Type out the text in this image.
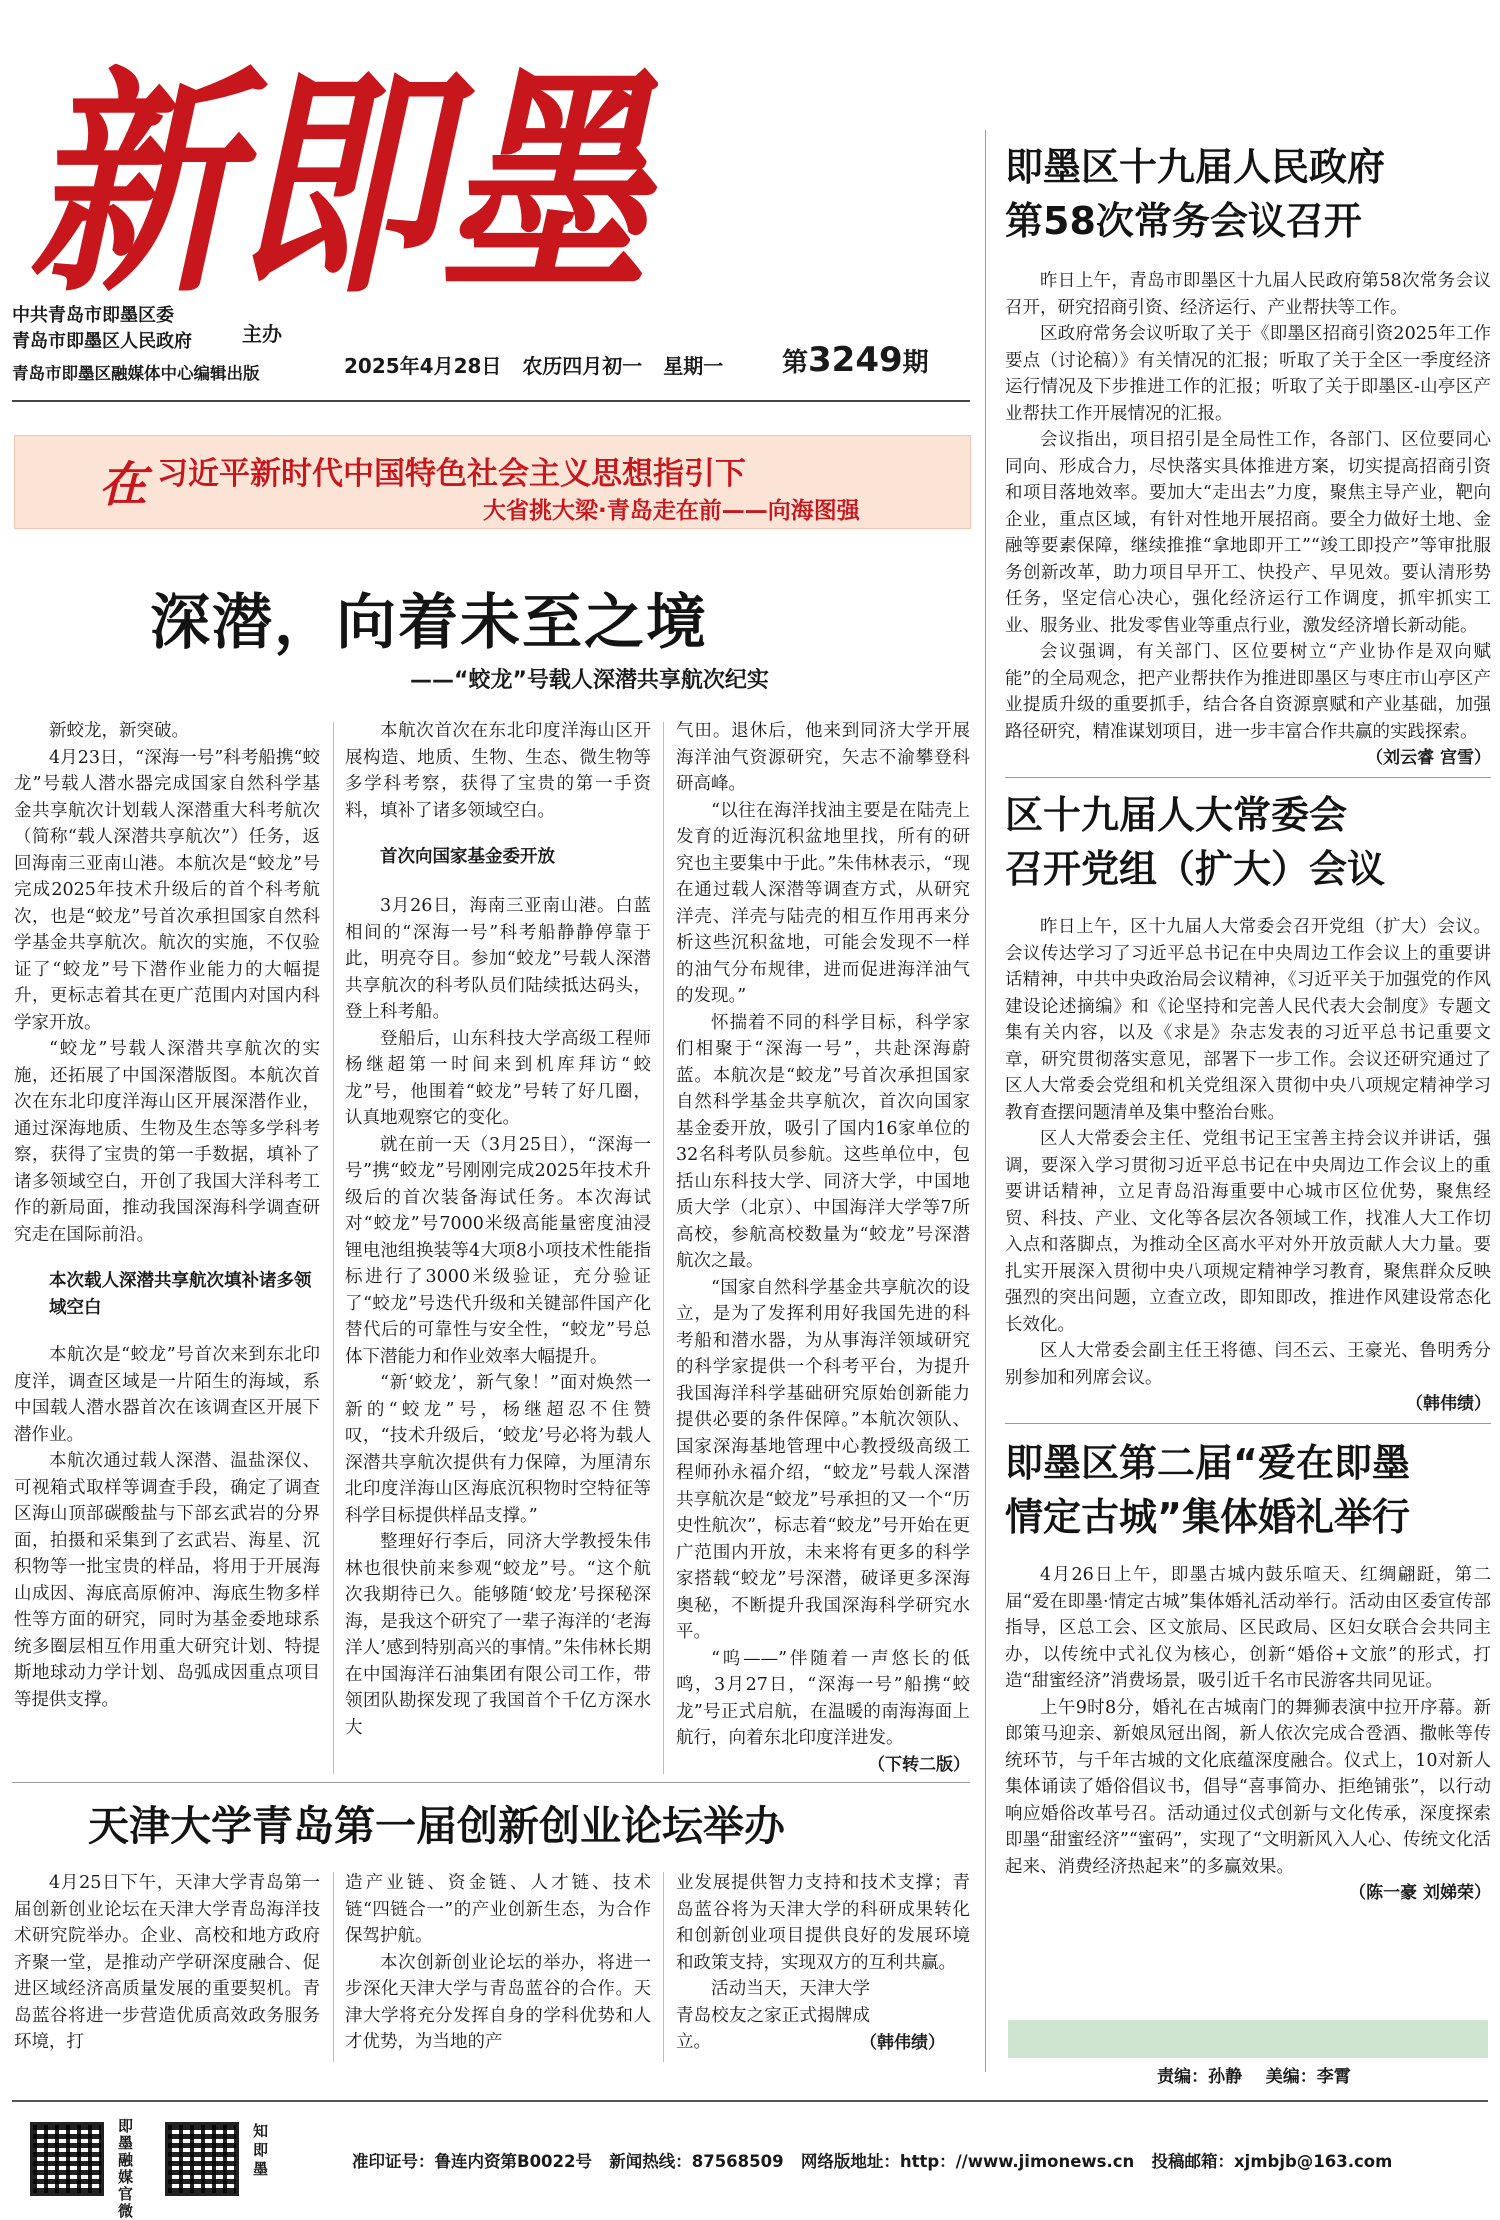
新即墨
中共青岛市即墨区委
青岛市即墨区人民政府	主办
青岛市即墨区融媒体中心编辑出版	2025年4月28日 农历四月初一 星期一 第3249期
在 习近平新时代中国特色社会主义思想指引下
大省挑大梁·青岛走在前——向海图强
深潜，向着未至之境
——“蛟龙”号载人深潜共享航次纪实

新蛟龙，新突破。

4月23日，“深海一号”科考船携“蛟龙”号载人潜水器完成国家自然科学基金共享航次计划载人深潜重大科考航次（简称“载人深潜共享航次”）任务，返回海南三亚南山港。本航次是“蛟龙”号完成2025年技术升级后的首个科考航次，也是“蛟龙”号首次承担国家自然科学基金共享航次。航次的实施，不仅验证了“蛟龙”号下潜作业能力的大幅提升，更标志着其在更广范围内对国内科学家开放。

“蛟龙”号载人深潜共享航次的实施，还拓展了中国深潜版图。本航次首次在东北印度洋海山区开展深潜作业，通过深海地质、生物及生态等多学科考察，获得了宝贵的第一手数据，填补了诸多领域空白，开创了我国大洋科考工作的新局面，推动我国深海科学调查研究走在国际前沿。

本次载人深潜共享航次填补诸多领域空白

本航次是“蛟龙”号首次来到东北印度洋，调查区域是一片陌生的海域，系中国载人潜水器首次在该调查区开展下潜作业。

本航次通过载人深潜、温盐深仪、可视箱式取样等调查手段，确定了调查区海山顶部碳酸盐与下部玄武岩的分界面，拍摄和采集到了玄武岩、海星、沉积物等一批宝贵的样品，将用于开展海山成因、海底高原俯冲、海底生物多样性等方面的研究，同时为基金委地球系统多圈层相互作用重大研究计划、特提斯地球动力学计划、岛弧成因重点项目等提供支撑。

本航次首次在东北印度洋海山区开展构造、地质、生物、生态、微生物等多学科考察，获得了宝贵的第一手资料，填补了诸多领域空白。

首次向国家基金委开放

3月26日，海南三亚南山港。白蓝相间的“深海一号”科考船静静停靠于此，明亮夺目。参加“蛟龙”号载人深潜共享航次的科考队员们陆续抵达码头，登上科考船。

登船后，山东科技大学高级工程师杨继超第一时间来到机库拜访“蛟龙”号，他围着“蛟龙”号转了好几圈，认真地观察它的变化。

就在前一天（3月25日），“深海一号”携“蛟龙”号刚刚完成2025年技术升级后的首次装备海试任务。本次海试对“蛟龙”号7000米级高能量密度油浸锂电池组换装等4大项8小项技术性能指标进行了3000米级验证，充分验证了“蛟龙”号迭代升级和关键部件国产化替代后的可靠性与安全性，“蛟龙”号总体下潜能力和作业效率大幅提升。

“新‘蛟龙’，新气象！”面对焕然一新的“蛟龙”号，杨继超忍不住赞叹，“技术升级后，‘蛟龙’号必将为载人深潜共享航次提供有力保障，为厘清东北印度洋海山区海底沉积物时空特征等科学目标提供样品支撑。”

整理好行李后，同济大学教授朱伟林也很快前来参观“蛟龙”号。“这个航次我期待已久。能够随‘蛟龙’号探秘深海，是我这个研究了一辈子海洋的‘老海洋人’感到特别高兴的事情。”朱伟林长期在中国海洋石油集团有限公司工作，带领团队勘探发现了我国首个千亿方深水大

气田。退休后，他来到同济大学开展海洋油气资源研究，矢志不渝攀登科研高峰。

“以往在海洋找油主要是在陆壳上发育的近海沉积盆地里找，所有的研究也主要集中于此。”朱伟林表示，“现在通过载人深潜等调查方式，从研究洋壳、洋壳与陆壳的相互作用再来分析这些沉积盆地，可能会发现不一样的油气分布规律，进而促进海洋油气的发现。”

怀揣着不同的科学目标，科学家们相聚于“深海一号”，共赴深海蔚蓝。本航次是“蛟龙”号首次承担国家自然科学基金共享航次，首次向国家基金委开放，吸引了国内16家单位的32名科考队员参航。这些单位中，包括山东科技大学、同济大学，中国地质大学（北京）、中国海洋大学等7所高校，参航高校数量为“蛟龙”号深潜航次之最。

“国家自然科学基金共享航次的设立，是为了发挥利用好我国先进的科考船和潜水器，为从事海洋领域研究的科学家提供一个科考平台，为提升我国海洋科学基础研究原始创新能力提供必要的条件保障。”本航次领队、国家深海基地管理中心教授级高级工程师孙永福介绍，“蛟龙”号载人深潜共享航次是“蛟龙”号承担的又一个“历史性航次”，标志着“蛟龙”号开始在更广范围内开放，未来将有更多的科学家搭载“蛟龙”号深潜，破译更多深海奥秘，不断提升我国深海科学研究水平。

“呜——”伴随着一声悠长的低鸣，3月27日，“深海一号”船携“蛟龙”号正式启航，在温暖的南海海面上航行，向着东北印度洋进发。

（下转二版）

天津大学青岛第一届创新创业论坛举办

4月25日下午，天津大学青岛第一届创新创业论坛在天津大学青岛海洋技术研究院举办。企业、高校和地方政府齐聚一堂，是推动产学研深度融合、促进区域经济高质量发展的重要契机。青岛蓝谷将进一步营造优质高效政务服务环境，打

造产业链、资金链、人才链、技术链“四链合一”的产业创新生态，为合作保驾护航。

本次创新创业论坛的举办，将进一步深化天津大学与青岛蓝谷的合作。天津大学将充分发挥自身的学科优势和人才优势，为当地的产

业发展提供智力支持和技术支撑；青岛蓝谷将为天津大学的科研成果转化和创新创业项目提供良好的发展环境和政策支持，实现双方的互利共赢。

活动当天，天津大学青岛校友之家正式揭牌成立。	（韩伟绩）
即墨区十九届人民政府
第58次常务会议召开

昨日上午，青岛市即墨区十九届人民政府第58次常务会议召开，研究招商引资、经济运行、产业帮扶等工作。

区政府常务会议听取了关于《即墨区招商引资2025年工作要点（讨论稿）》有关情况的汇报；听取了关于全区一季度经济运行情况及下步推进工作的汇报；听取了关于即墨区-山亭区产业帮扶工作开展情况的汇报。

会议指出，项目招引是全局性工作，各部门、区位要同心同向、形成合力，尽快落实具体推进方案，切实提高招商引资和项目落地效率。要加大“走出去”力度，聚焦主导产业，靶向企业，重点区域，有针对性地开展招商。要全力做好土地、金融等要素保障，继续推推“拿地即开工”“竣工即投产”等审批服务创新改革，助力项目早开工、快投产、早见效。要认清形势任务，坚定信心决心，强化经济运行工作调度，抓牢抓实工业、服务业、批发零售业等重点行业，激发经济增长新动能。

会议强调，有关部门、区位要树立“产业协作是双向赋能”的全局观念，把产业帮扶作为推进即墨区与枣庄市山亭区产业提质升级的重要抓手，结合各自资源禀赋和产业基础，加强路径研究，精准谋划项目，进一步丰富合作共赢的实践探索。

（刘云睿 宫雪）

区十九届人大常委会
召开党组（扩大）会议

昨日上午，区十九届人大常委会召开党组（扩大）会议。会议传达学习了习近平总书记在中央周边工作会议上的重要讲话精神，中共中央政治局会议精神，《习近平关于加强党的作风建设论述摘编》和《论坚持和完善人民代表大会制度》专题文集有关内容，以及《求是》杂志发表的习近平总书记重要文章，研究贯彻落实意见，部署下一步工作。会议还研究通过了区人大常委会党组和机关党组深入贯彻中央八项规定精神学习教育查摆问题清单及集中整治台账。

区人大常委会主任、党组书记王宝善主持会议并讲话，强调，要深入学习贯彻习近平总书记在中央周边工作会议上的重要讲话精神，立足青岛沿海重要中心城市区位优势，聚焦经贸、科技、产业、文化等各层次各领域工作，找准人大工作切入点和落脚点，为推动全区高水平对外开放贡献人大力量。要扎实开展深入贯彻中央八项规定精神学习教育，聚焦群众反映强烈的突出问题，立查立改，即知即改，推进作风建设常态化长效化。

区人大常委会副主任王将德、闫丕云、王豪光、鲁明秀分别参加和列席会议。

（韩伟绩）

即墨区第二届“爱在即墨
情定古城”集体婚礼举行

4月26日上午，即墨古城内鼓乐喧天、红绸翩跹，第二届“爱在即墨·情定古城”集体婚礼活动举行。活动由区委宣传部指导，区总工会、区文旅局、区民政局、区妇女联合会共同主办，以传统中式礼仪为核心，创新“婚俗+文旅”的形式，打造“甜蜜经济”消费场景，吸引近千名市民游客共同见证。

上午9时8分，婚礼在古城南门的舞狮表演中拉开序幕。新郎策马迎亲、新娘凤冠出阁，新人依次完成合卺酒、撒帐等传统环节，与千年古城的文化底蕴深度融合。仪式上，10对新人集体诵读了婚俗倡议书，倡导“喜事简办、拒绝铺张”，以行动响应婚俗改革号召。活动通过仪式创新与文化传承，深度探索即墨“甜蜜经济”“蜜码”，实现了“文明新风入人心、传统文化活起来、消费经济热起来”的多赢效果。

（陈一豪 刘娣荣）

责编：孙静    美编：李霄

即墨融媒官微
知即墨	准印证号：鲁连内资第B0022号 新闻热线：87568509 网络版地址：http：//www.jimonews.cn 投稿邮箱：xjmbjb@163.com
